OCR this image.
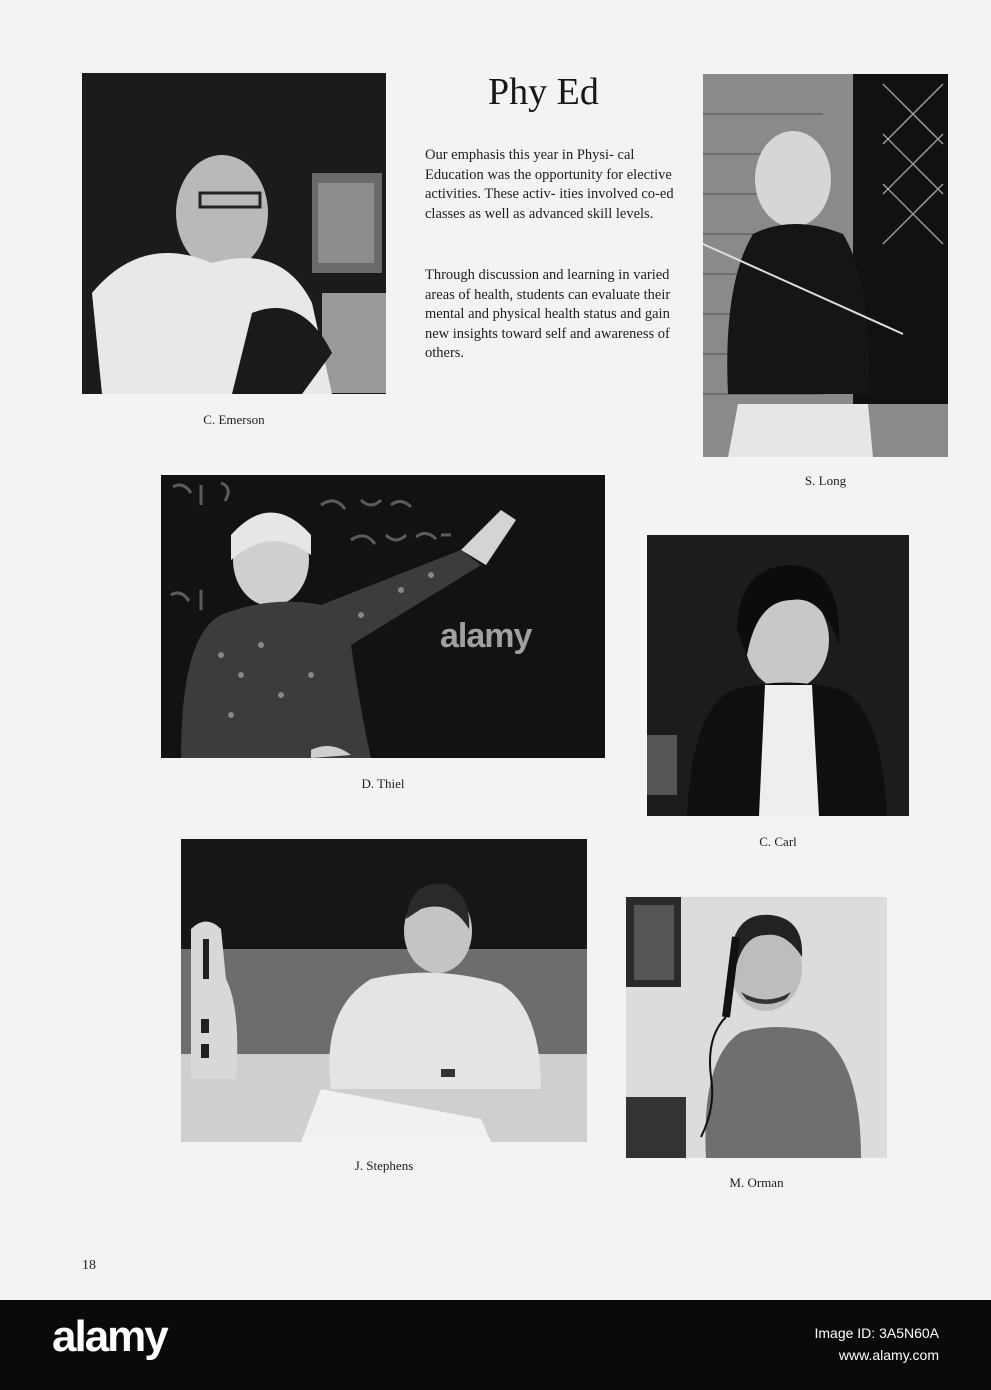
C. Emerson
Phy Ed

Our emphasis this year in Physi- cal Education was the opportunity for elective activities. These activ- ities involved co-ed classes as well as advanced skill levels.

Through discussion and learning in varied areas of health, students can evaluate their mental and physical health status and gain new insights toward self and awareness of others.

S. Long
D. Thiel
C. Carl
J. Stephens
M. Orman
alamy
18
alamy	Image ID: 3A5N60A
www.alamy.com
